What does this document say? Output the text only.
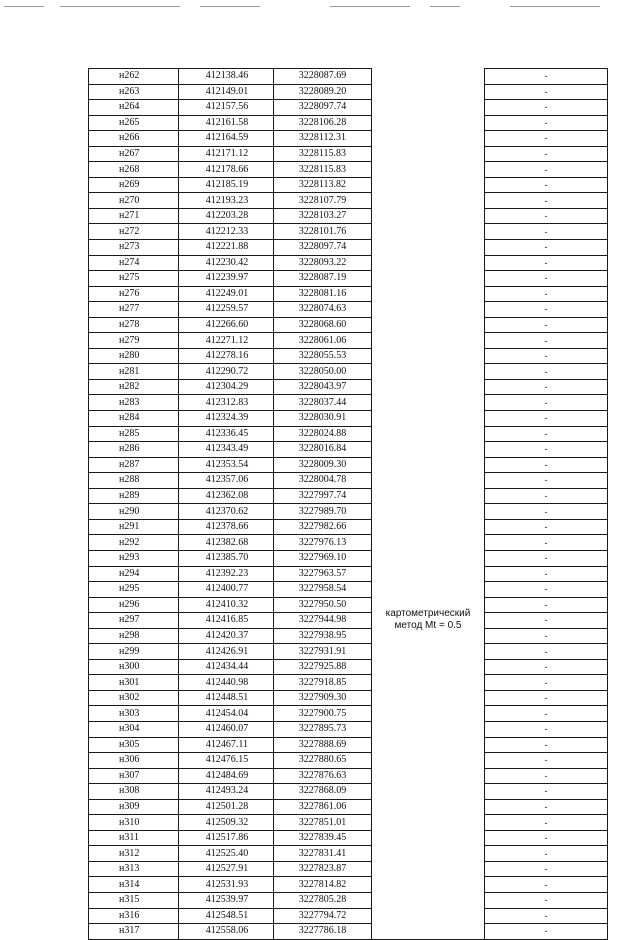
н262	412138.46	3228087.69		-
н263	412149.01	3228089.20		-
н264	412157.56	3228097.74		-
н265	412161.58	3228106.28		-
н266	412164.59	3228112.31		-
н267	412171.12	3228115.83		-
н268	412178.66	3228115.83		-
н269	412185.19	3228113.82		-
н270	412193.23	3228107.79		-
н271	412203.28	3228103.27		-
н272	412212.33	3228101.76		-
н273	412221.88	3228097.74		-
н274	412230.42	3228093.22		-
н275	412239.97	3228087.19		-
н276	412249.01	3228081.16		-
н277	412259.57	3228074.63	картометрический метод Mt = 0.5	-
н278	412266.60	3228068.60		-
н279	412271.12	3228061.06		-
н280	412278.16	3228055.53		-
н281	412290.72	3228050.00		-
н282	412304.29	3228043.97		-
н283	412312.83	3228037.44		-
н284	412324.39	3228030.91		-
н285	412336.45	3228024.88		-
н286	412343.49	3228016.84		-
н287	412353.54	3228009.30		-
н288	412357.06	3228004.78		-
н289	412362.08	3227997.74		-
н290	412370.62	3227989.70		-
н291	412378.66	3227982.66		-
н292	412382.68	3227976.13		-
н293	412385.70	3227969.10		-
н294	412392.23	3227963.57		-
н295	412400.77	3227958.54		-
н296	412410.32	3227950.50		-
н297	412416.85	3227944.98		-
н298	412420.37	3227938.95		-
н299	412426.91	3227931.91		-
н300	412434.44	3227925.88		-
н301	412440.98	3227918.85		-
н302	412448.51	3227909.30		-
н303	412454.04	3227900.75		-
н304	412460.07	3227895.73		-
н305	412467.11	3227888.69		-
н306	412476.15	3227880.65		-
н307	412484.69	3227876.63		-
н308	412493.24	3227868.09		-
н309	412501.28	3227861.06		-
н310	412509.32	3227851.01		-
н311	412517.86	3227839.45		-
н312	412525.40	3227831.41		-
н313	412527.91	3227823.87		-
н314	412531.93	3227814.82		-
н315	412539.97	3227805.28		-
н316	412548.51	3227794.72		-
н317	412558.06	3227786.18		-
